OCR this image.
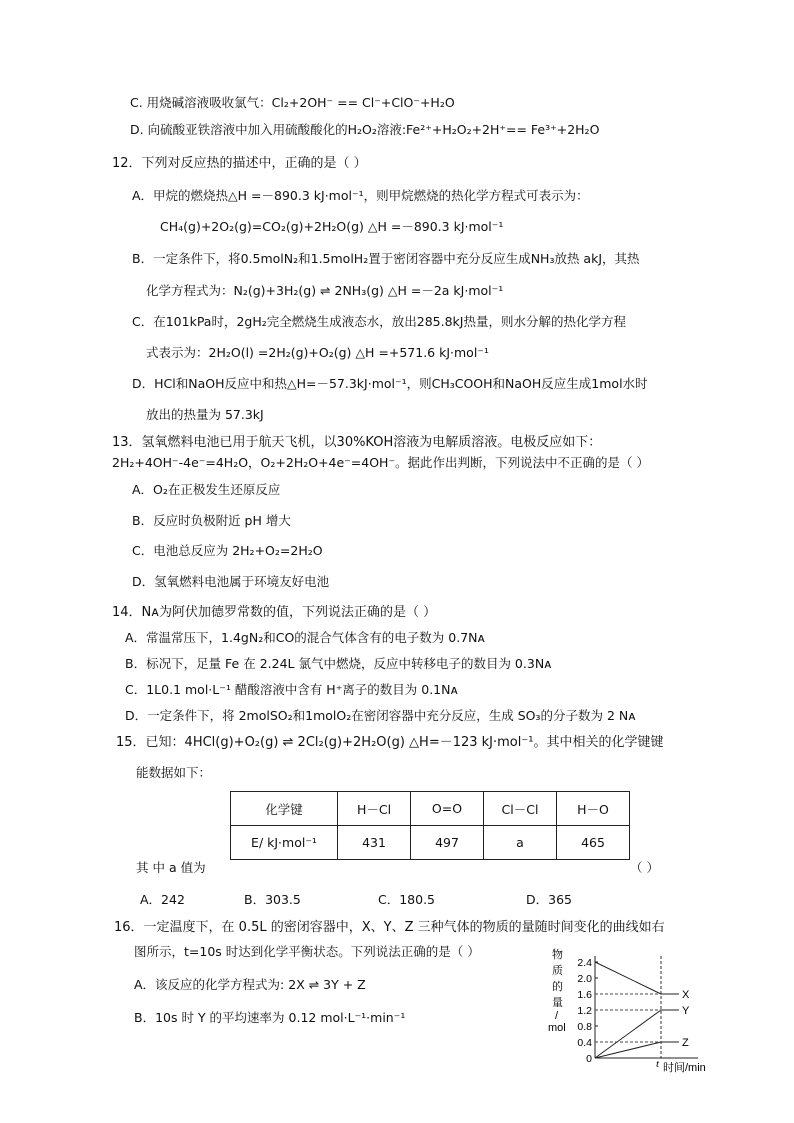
C. 用烧碱溶液吸收氯气：Cl₂+2OH⁻ == Cl⁻+ClO⁻+H₂O
D. 向硫酸亚铁溶液中加入用硫酸酸化的H₂O₂溶液:Fe²⁺+H₂O₂+2H⁺== Fe³⁺+2H₂O
12．下列对反应热的描述中，正确的是（ ）
A．甲烷的燃烧热△H =－890.3 kJ·mol⁻¹，则甲烷燃烧的热化学方程式可表示为：
CH₄(g)+2O₂(g)=CO₂(g)+2H₂O(g) △H =－890.3 kJ·mol⁻¹
B．一定条件下，将0.5molN₂和1.5molH₂置于密闭容器中充分反应生成NH₃放热 akJ，其热
化学方程式为：N₂(g)+3H₂(g) ⇌ 2NH₃(g) △H =－2a kJ·mol⁻¹
C．在101kPa时，2gH₂完全燃烧生成液态水，放出285.8kJ热量，则水分解的热化学方程
式表示为：2H₂O(l) =2H₂(g)+O₂(g) △H =+571.6 kJ·mol⁻¹
D．HCl和NaOH反应中和热△H=－57.3kJ·mol⁻¹，则CH₃COOH和NaOH反应生成1mol水时
放出的热量为 57.3kJ
13．氢氧燃料电池已用于航天飞机，以30%KOH溶液为电解质溶液。电极反应如下：
2H₂+4OH⁻-4e⁻=4H₂O，O₂+2H₂O+4e⁻=4OH⁻。据此作出判断，下列说法中不正确的是（ ）
A．O₂在正极发生还原反应
B．反应时负极附近 pH 增大
C．电池总反应为 2H₂+O₂=2H₂O
D．氢氧燃料电池属于环境友好电池
14．Nᴀ为阿伏加德罗常数的值，下列说法正确的是（ ）
A．常温常压下，1.4gN₂和CO的混合气体含有的电子数为 0.7Nᴀ
B．标况下，足量 Fe 在 2.24L 氯气中燃烧，反应中转移电子的数目为 0.3Nᴀ
C．1L0.1 mol·L⁻¹ 醋酸溶液中含有 H⁺离子的数目为 0.1Nᴀ
D．一定条件下，将 2molSO₂和1molO₂在密闭容器中充分反应，生成 SO₃的分子数为 2 Nᴀ
15．已知：4HCl(g)+O₂(g) ⇌ 2Cl₂(g)+2H₂O(g) △H=－123 kJ·mol⁻¹。其中相关的化学键键
能数据如下：
化学键	H－Cl	O=O	Cl－Cl	H－O
E/ kJ·mol⁻¹	431	497	a	465
其 中 a 值为	（ ）
A．242	B．303.5	C．180.5	D．365
16．一定温度下，在 0.5L 的密闭容器中，X、Y、Z 三种气体的物质的量随时间变化的曲线如右
图所示，t=10s 时达到化学平衡状态。下列说法正确的是（ ）
A．该反应的化学方程式为: 2X ⇌ 3Y + Z
B．10s 时 Y 的平均速率为 0.12 mol·L⁻¹·min⁻¹
物
质
的
量
/
mol
2.4
2.0
1.6
1.2
0.8
0.4
0
X
Y
Z
t 时间/min
